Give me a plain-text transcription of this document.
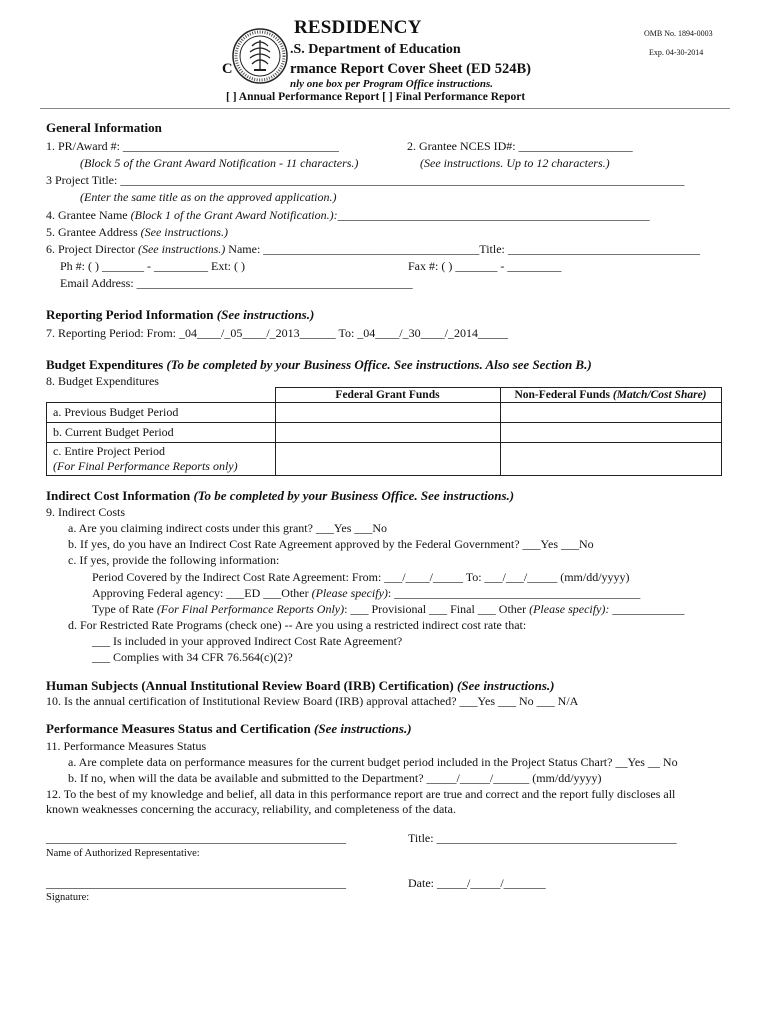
RESDIDENCY
.S. Department of Education
C	rmance Report Cover Sheet (ED 524B)
nly one box per Program Office instructions.
[ ] Annual Performance Report [ ] Final Performance Report
OMB No. 1894-0003
Exp. 04-30-2014
General Information
1. PR/Award #: ____________________________________	2. Grantee NCES ID#: ___________________
(Block 5 of the Grant Award Notification - 11 characters.)	(See instructions. Up to 12 characters.)
3 Project Title: ______________________________________________________________________________________________
(Enter the same title as on the approved application.)
4. Grantee Name (Block 1 of the Grant Award Notification.):____________________________________________________
5. Grantee Address (See instructions.)
6. Project Director (See instructions.) Name: ____________________________________Title: ________________________________
Ph #: ( ) _______ - _________ Ext: ( )	Fax #: ( ) _______ - _________
Email Address: ______________________________________________
Reporting Period Information (See instructions.)
7. Reporting Period: From: _04____/_05____/_2013______ To: _04____/_30____/_2014_____
Budget Expenditures (To be completed by your Business Office. See instructions. Also see Section B.)
8. Budget Expenditures
	Federal Grant Funds	Non-Federal Funds (Match/Cost Share)
a. Previous Budget Period		
b. Current Budget Period		

c. Entire Project Period
(For Final Performance Reports only)		

Indirect Cost Information (To be completed by your Business Office. See instructions.)
9. Indirect Costs
a. Are you claiming indirect costs under this grant? ___Yes ___No
b. If yes, do you have an Indirect Cost Rate Agreement approved by the Federal Government? ___Yes ___No
c. If yes, provide the following information:
Period Covered by the Indirect Cost Rate Agreement: From: ___/____/_____ To: ___/___/_____ (mm/dd/yyyy)
Approving Federal agency: ___ED ___Other (Please specify): _________________________________________
Type of Rate (For Final Performance Reports Only): ___ Provisional ___ Final ___ Other (Please specify): ____________
d. For Restricted Rate Programs (check one) -- Are you using a restricted indirect cost rate that:
___ Is included in your approved Indirect Cost Rate Agreement?
___ Complies with 34 CFR 76.564(c)(2)?
Human Subjects (Annual Institutional Review Board (IRB) Certification) (See instructions.)
10. Is the annual certification of Institutional Review Board (IRB) approval attached? ___Yes ___ No ___ N/A
Performance Measures Status and Certification (See instructions.)
11. Performance Measures Status
a. Are complete data on performance measures for the current budget period included in the Project Status Chart? __Yes __ No
b. If no, when will the data be available and submitted to the Department? _____/_____/______ (mm/dd/yyyy)
12. To the best of my knowledge and belief, all data in this performance report are true and correct and the report fully discloses all
known weaknesses concerning the accuracy, reliability, and completeness of the data.
__________________________________________________	Title: ________________________________________
Name of Authorized Representative:
__________________________________________________	Date: _____/_____/_______
Signature:
